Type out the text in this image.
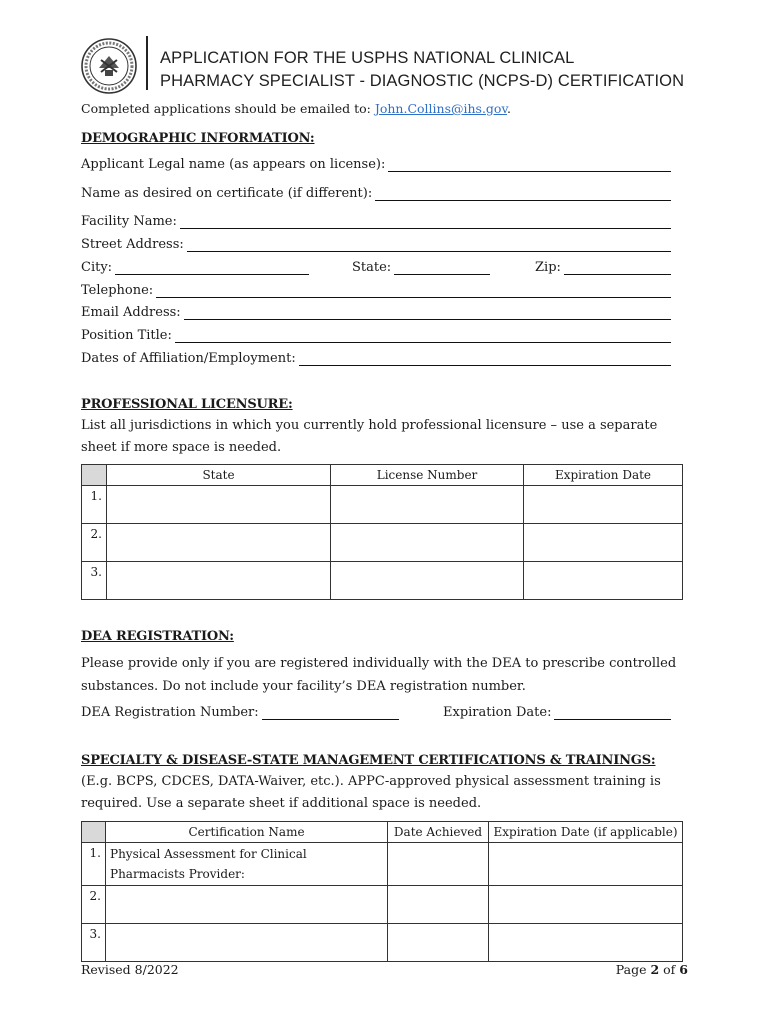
APPLICATION FOR THE USPHS NATIONAL CLINICAL
PHARMACY SPECIALIST - DIAGNOSTIC (NCPS-D) CERTIFICATION
Completed applications should be emailed to: John.Collins@ihs.gov.
DEMOGRAPHIC INFORMATION:
Applicant Legal name (as appears on license):
Name as desired on certificate (if different):
Facility Name:
Street Address:
City:	State:	Zip:
Telephone:
Email Address:
Position Title:
Dates of Affiliation/Employment:
PROFESSIONAL LICENSURE:
List all jurisdictions in which you currently hold professional licensure – use a separate sheet if more space is needed.
	State	License Number	Expiration Date
1.			
2.			
3.			
DEA REGISTRATION:
Please provide only if you are registered individually with the DEA to prescribe controlled substances. Do not include your facility’s DEA registration number.
DEA Registration Number:	Expiration Date:
SPECIALTY & DISEASE-STATE MANAGEMENT CERTIFICATIONS & TRAININGS:
(E.g. BCPS, CDCES, DATA-Waiver, etc.). APPC-approved physical assessment training is required. Use a separate sheet if additional space is needed.
	Certification Name	Date Achieved	Expiration Date (if applicable)
1.	Physical Assessment for Clinical Pharmacists Provider:		
2.			
3.			
Revised 8/2022	Page 2 of 6
